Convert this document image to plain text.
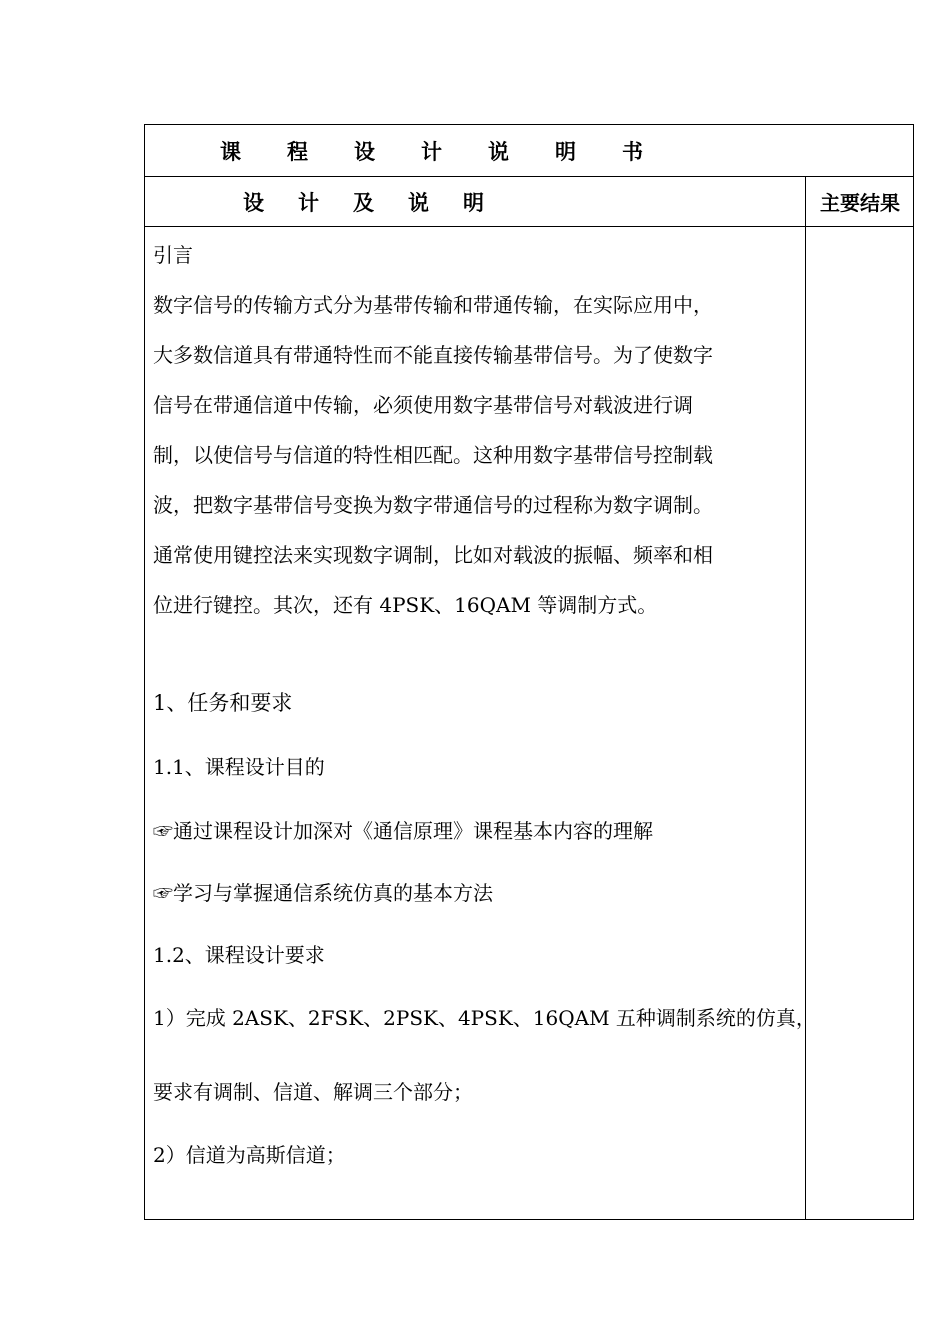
课 程 设 计 说 明 书
设 计 及 说 明	主要结果
引言
数字信号的传输方式分为基带传输和带通传输，在实际应用中，
大多数信道具有带通特性而不能直接传输基带信号。为了使数字
信号在带通信道中传输，必须使用数字基带信号对载波进行调
制，以使信号与信道的特性相匹配。这种用数字基带信号控制载
波，把数字基带信号变换为数字带通信号的过程称为数字调制。
通常使用键控法来实现数字调制，比如对载波的振幅、频率和相
位进行键控。其次，还有 4PSK、16QAM 等调制方式。
1、任务和要求
1.1、课程设计目的
☞通过课程设计加深对《通信原理》课程基本内容的理解
☞学习与掌握通信系统仿真的基本方法
1.2、课程设计要求
1）完成 2ASK、2FSK、2PSK、4PSK、16QAM 五种调制系统的仿真，
要求有调制、信道、解调三个部分；
2）信道为高斯信道；
